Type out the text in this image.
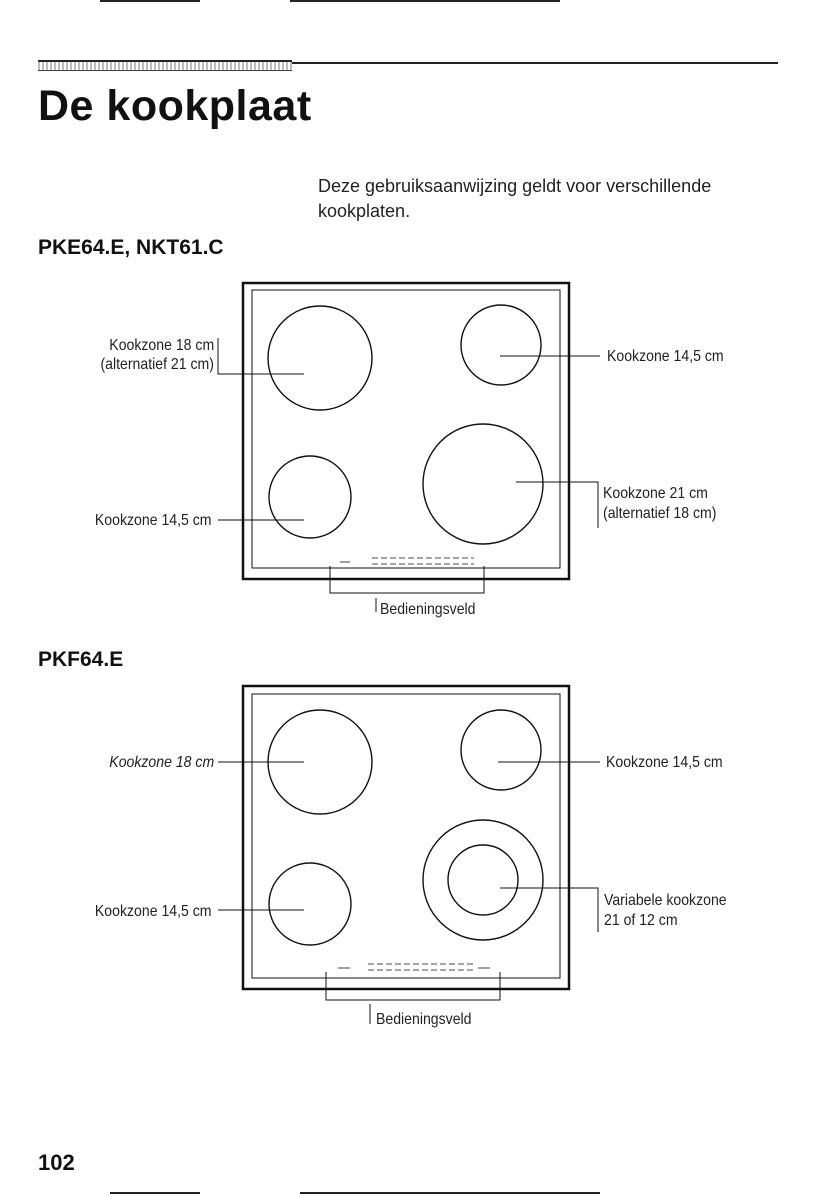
De kookplaat
Deze gebruiksaanwijzing geldt voor verschillende kookplaten.
PKE64.E, NKT61.C
Kookzone 18 cm
(alternatief 21 cm)	Kookzone 14,5 cm
Kookzone 14,5 cm
Kookzone 21 cm
(alternatief 18 cm)
Bedieningsveld
PKF64.E
Kookzone 18 cm	Kookzone 14,5 cm
Kookzone 14,5 cm
Variabele kookzone
21 of 12 cm
Bedieningsveld
102
